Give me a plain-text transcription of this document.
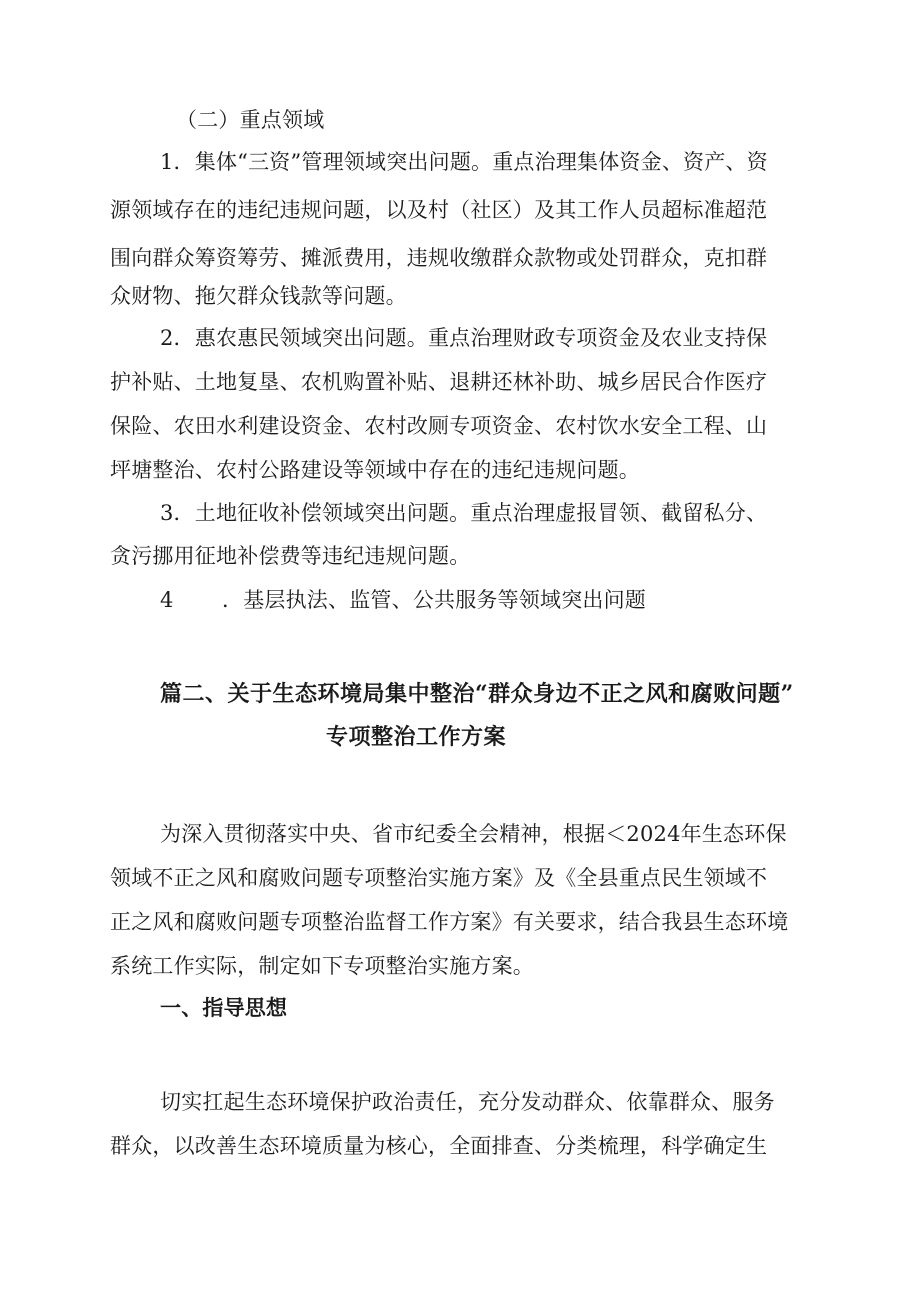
（二）重点领域
1．集体“三资”管理领域突出问题。重点治理集体资金、资产、资
源领域存在的违纪违规问题，以及村（社区）及其工作人员超标准超范
围向群众筹资筹劳、摊派费用，违规收缴群众款物或处罚群众，克扣群
众财物、拖欠群众钱款等问题。
2．惠农惠民领域突出问题。重点治理财政专项资金及农业支持保
护补贴、土地复垦、农机购置补贴、退耕还林补助、城乡居民合作医疗
保险、农田水利建设资金、农村改厕专项资金、农村饮水安全工程、山
坪塘整治、农村公路建设等领域中存在的违纪违规问题。
3．土地征收补偿领域突出问题。重点治理虚报冒领、截留私分、
贪污挪用征地补偿费等违纪违规问题。
4 ．基层执法、监管、公共服务等领域突出问题
篇二、关于生态环境局集中整治“群众身边不正之风和腐败问题”
专项整治工作方案
为深入贯彻落实中央、省市纪委全会精神，根据＜2024年生态环保
领域不正之风和腐败问题专项整治实施方案》及《全县重点民生领域不
正之风和腐败问题专项整治监督工作方案》有关要求，结合我县生态环境
系统工作实际，制定如下专项整治实施方案。
一、指导思想
切实扛起生态环境保护政治责任，充分发动群众、依靠群众、服务
群众，以改善生态环境质量为核心，全面排查、分类梳理，科学确定生
